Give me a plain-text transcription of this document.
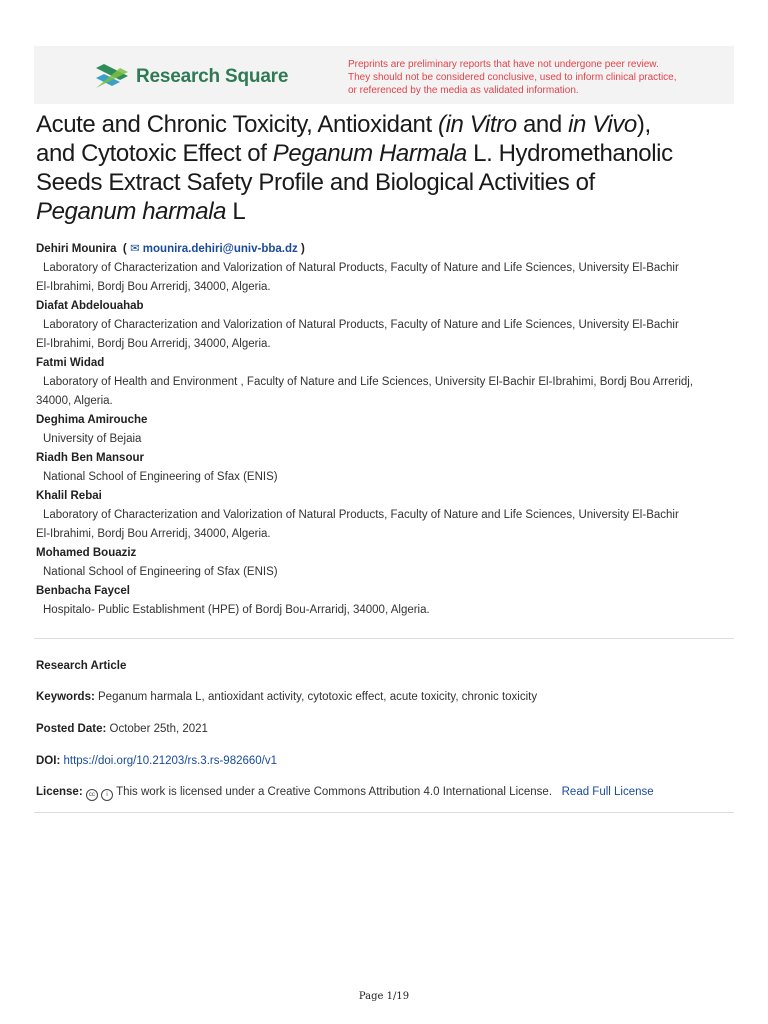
Research Square
Preprints are preliminary reports that have not undergone peer review.
They should not be considered conclusive, used to inform clinical practice,
or referenced by the media as validated information.
Acute and Chronic Toxicity, Antioxidant (in Vitro and in Vivo),
and Cytotoxic Effect of Peganum Harmala L. Hydromethanolic
Seeds Extract Safety Profile and Biological Activities of
Peganum harmala L
Dehiri Mounira  ( ✉ mounira.dehiri@univ-bba.dz )
Laboratory of Characterization and Valorization of Natural Products, Faculty of Nature and Life Sciences, University El-Bachir
El-Ibrahimi, Bordj Bou Arreridj, 34000, Algeria.
Diafat Abdelouahab
Laboratory of Characterization and Valorization of Natural Products, Faculty of Nature and Life Sciences, University El-Bachir
El-Ibrahimi, Bordj Bou Arreridj, 34000, Algeria.
Fatmi Widad
Laboratory of Health and Environment , Faculty of Nature and Life Sciences, University El-Bachir El-Ibrahimi, Bordj Bou Arreridj,
34000, Algeria.
Deghima Amirouche
University of Bejaia
Riadh Ben Mansour
National School of Engineering of Sfax (ENIS)
Khalil Rebai
Laboratory of Characterization and Valorization of Natural Products, Faculty of Nature and Life Sciences, University El-Bachir
El-Ibrahimi, Bordj Bou Arreridj, 34000, Algeria.
Mohamed Bouaziz
National School of Engineering of Sfax (ENIS)
Benbacha Faycel
Hospitalo- Public Establishment (HPE) of Bordj Bou-Arraridj, 34000, Algeria.
Research Article
Keywords: Peganum harmala L, antioxidant activity, cytotoxic effect, acute toxicity, chronic toxicity
Posted Date: October 25th, 2021
DOI: https://doi.org/10.21203/rs.3.rs-982660/v1
License: cc i This work is licensed under a Creative Commons Attribution 4.0 International License. Read Full License
Page 1/19
